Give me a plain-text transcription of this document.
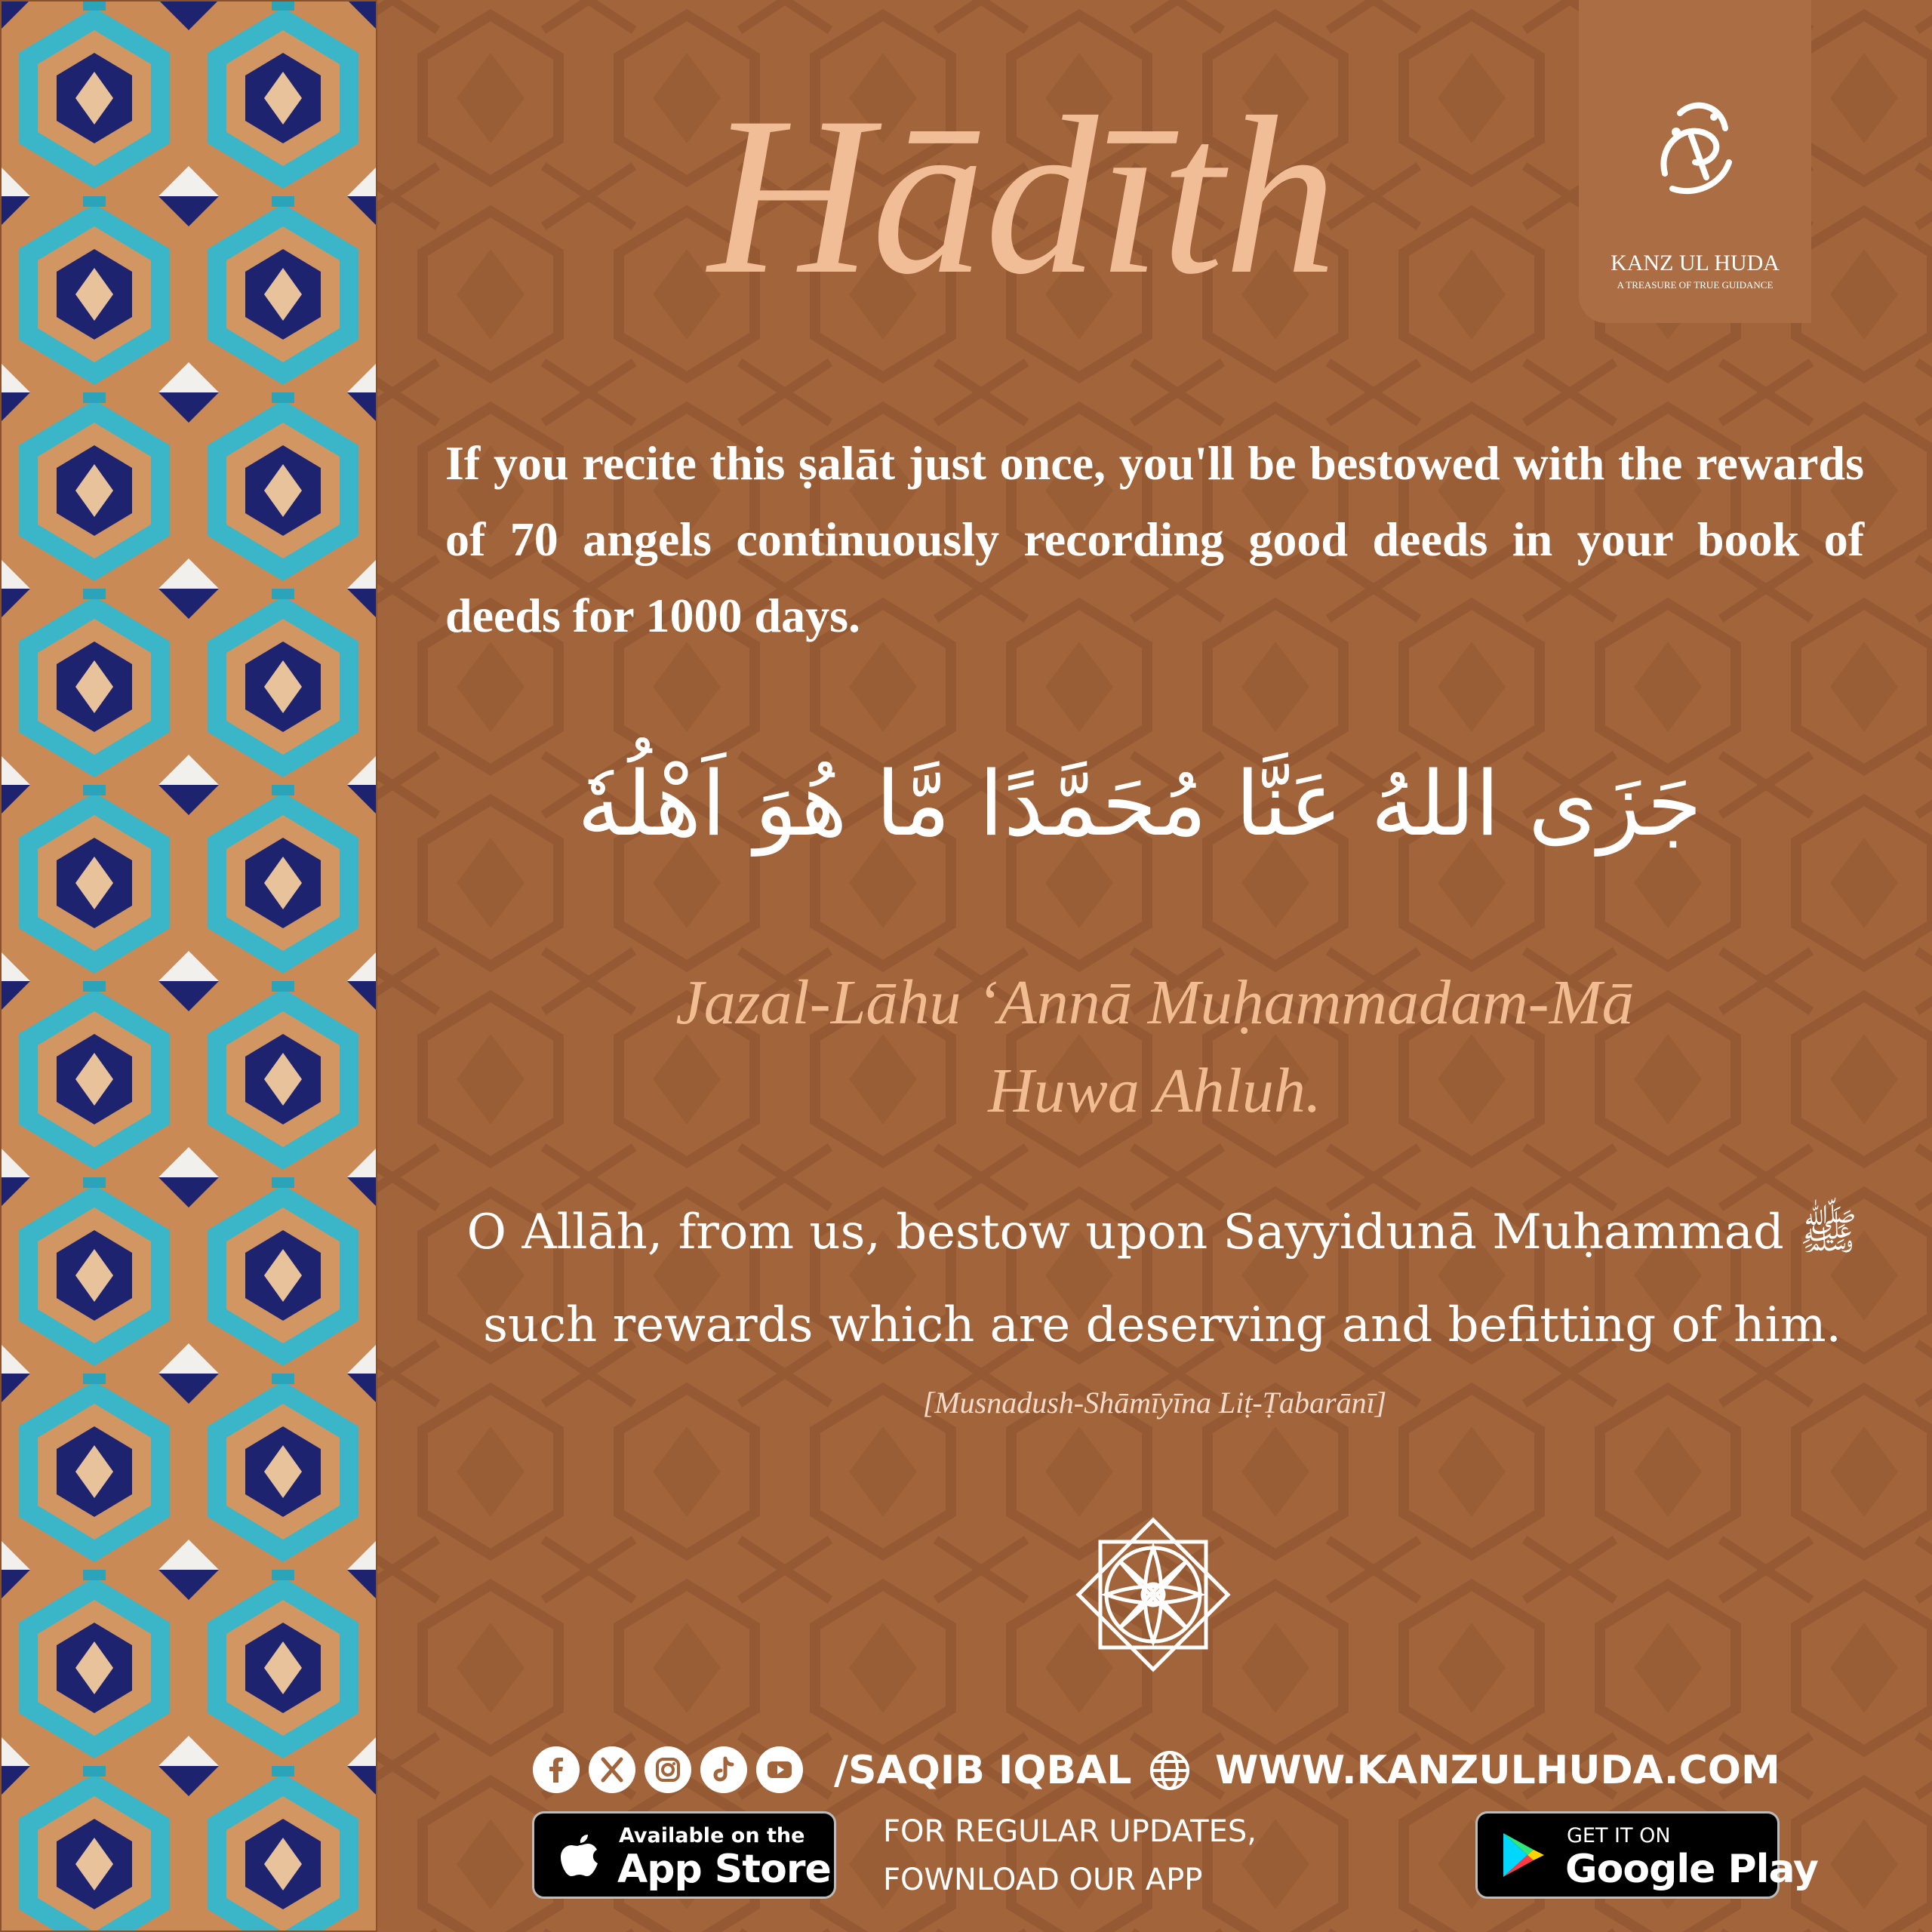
Hādīth	KANZ UL HUDA
A TREASURE OF TRUE GUIDANCE
If you recite this ṣalāt just once, you'll be bestowed with the rewards of 70 angels continuously recording good deeds in your book of deeds for 1000 days.
جَزَى اللهُ عَنَّا مُحَمَّدًا مَّا هُوَ اَهْلُهٗ
Jazal-Lāhu ‘Annā Muḥammadam-Mā
Huwa Ahluh.
O Allāh, from us, bestow upon Sayyidunā Muḥammad ﷺ
such rewards which are deserving and befitting of him.
[Musnadush-Shāmīyīna Liṭ-Ṭabarānī]
/SAQIB IQBAL WWW.KANZULHUDA.COM
Available on the
App Store
FOR REGULAR UPDATES,
FOWNLOAD OUR APP
GET IT ON
Google Play
